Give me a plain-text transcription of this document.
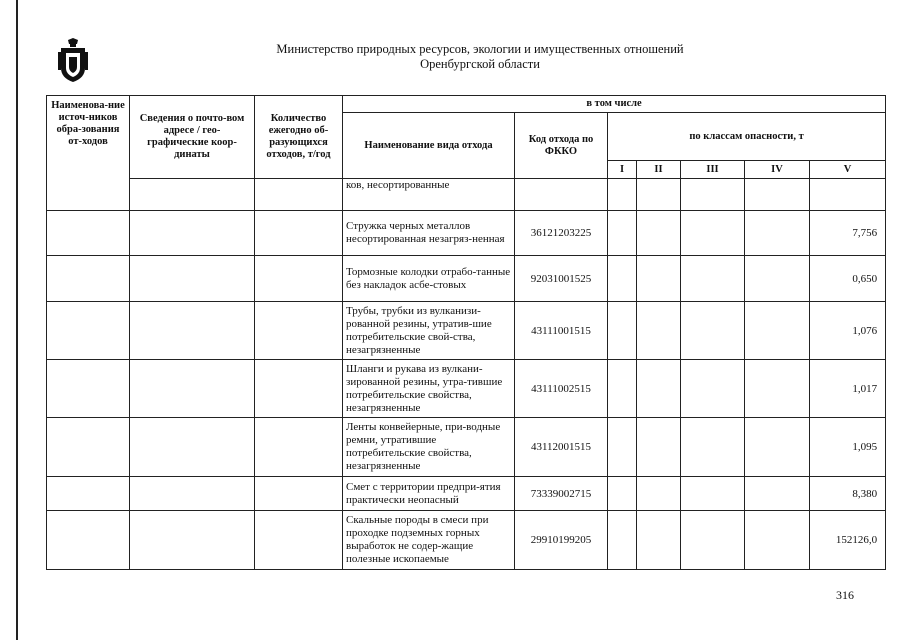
Министерство природных ресурсов, экологии и имущественных отношений
Оренбургской области
Наименова-ние источ-ников обра-зования от-ходов	Сведения о почто-вом адресе / гео-графические коор-динаты	Количество ежегодно об-разующихся отходов, т/год	в том числе						
			Наименование вида отхода	Код отхода по ФККО	по классам опасности, т				
					I	II	III	IV	V
			ков, несортированные						
			Стружка черных металлов несортированная незагряз-ненная	36121203225					7,756
			Тормозные колодки отрабо-танные без накладок асбе-стовых	92031001525					0,650
			Трубы, трубки из вулканизи-рованной резины, утратив-шие потребительские свой-ства, незагрязненные	43111001515					1,076
			Шланги и рукава из вулкани-зированной резины, утра-тившие потребительские свойства, незагрязненные	43111002515					1,017
			Ленты конвейерные, при-водные ремни, утратившие потребительские свойства, незагрязненные	43112001515					1,095
			Смет с территории предпри-ятия практически неопасный	73339002715					8,380
			Скальные породы в смеси при проходке подземных горных выработок не содер-жащие полезные ископаемые	29910199205					152126,0
316
